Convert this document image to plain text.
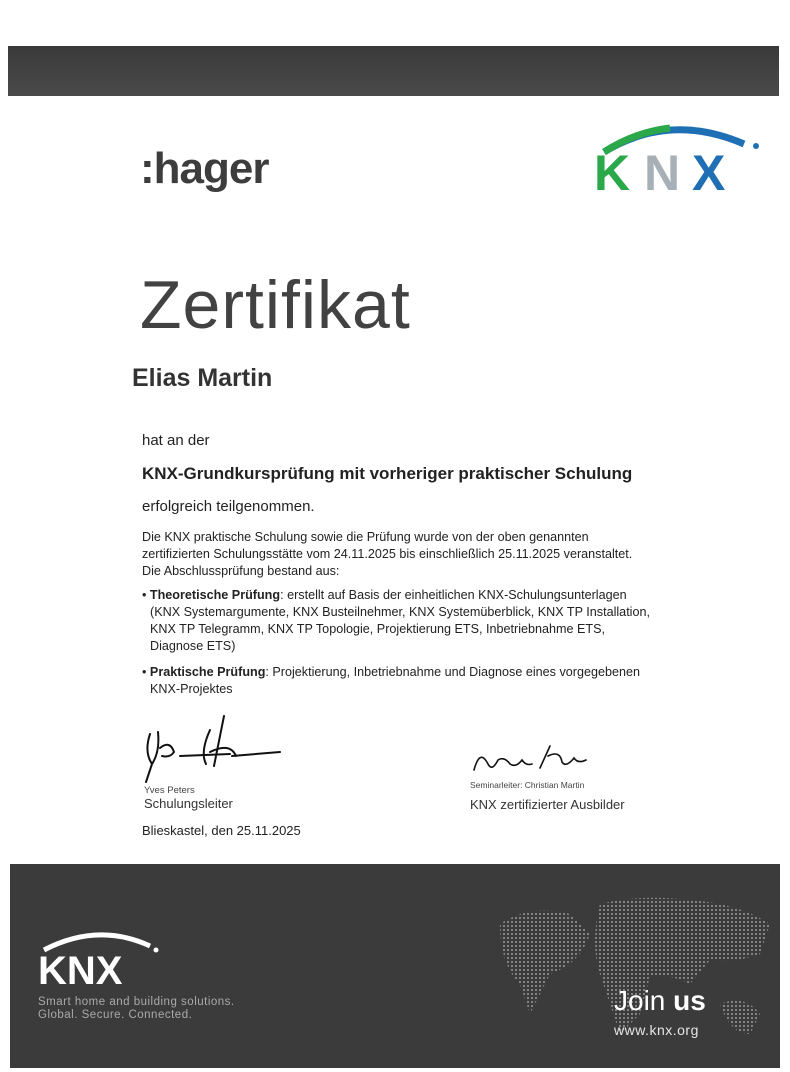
:hager	K N X
Zertifikat
Elias Martin
hat an der
KNX-Grundkursprüfung mit vorheriger praktischer Schulung
erfolgreich teilgenommen.
Die KNX praktische Schulung sowie die Prüfung wurde von der oben genannten
zertifizierten Schulungsstätte vom 24.11.2025 bis einschließlich 25.11.2025 veranstaltet.
Die Abschlussprüfung bestand aus:
• Theoretische Prüfung: erstellt auf Basis der einheitlichen KNX-Schulungsunterlagen
(KNX Systemargumente, KNX Busteilnehmer, KNX Systemüberblick, KNX TP Installation,
KNX TP Telegramm, KNX TP Topologie, Projektierung ETS, Inbetriebnahme ETS,
Diagnose ETS)
• Praktische Prüfung: Projektierung, Inbetriebnahme und Diagnose eines vorgegebenen
KNX-Projektes
Yves Peters
Schulungsleiter
Seminarleiter: Christian Martin
KNX zertifizierter Ausbilder
Blieskastel, den 25.11.2025
KNX
Smart home and building solutions.
Global. Secure. Connected.	Join us
www.knx.org
